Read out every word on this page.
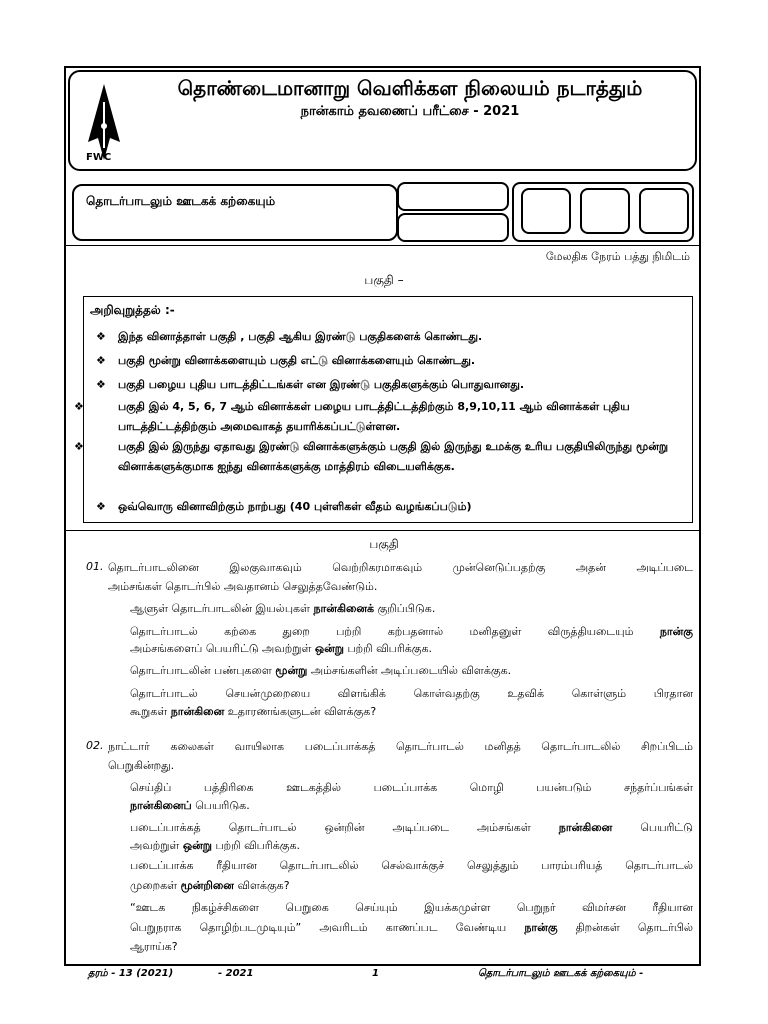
FWC
தொண்டைமானாறு வெளிக்கள நிலையம் நடாத்தும்
நான்காம் தவணைப் பரீட்சை - 2021
தொடர்பாடலும் ஊடகக் கற்கையும்
மேலதிக நேரம் பத்து நிமிடம்
பகுதி –
அறிவுறுத்தல் :-
❖ இந்த வினாத்தாள் பகுதி , பகுதி ஆகிய இரண்டு பகுதிகளைக் கொண்டது.
❖ பகுதி மூன்று வினாக்களையும் பகுதி எட்டு வினாக்களையும் கொண்டது.
❖ பகுதி பழைய புதிய பாடத்திட்டங்கள் என இரண்டு பகுதிகளுக்கும் பொதுவானது.
❖	பகுதி இல் 4, 5, 6, 7 ஆம் வினாக்கள் பழைய பாடத்திட்டத்திற்கும் 8,9,10,11 ஆம் வினாக்கள் புதிய பாடத்திட்டத்திற்கும் அமைவாகத் தயாரிக்கப்பட்டுள்ளன.
❖	பகுதி இல் இருந்து ஏதாவது இரண்டு வினாக்களுக்கும் பகுதி இல் இருந்து உமக்கு உரிய பகுதியிலிருந்து மூன்று வினாக்களுக்குமாக ஐந்து வினாக்களுக்கு மாத்திரம் விடையளிக்குக.
❖ ஒவ்வொரு வினாவிற்கும் நாற்பது (40 புள்ளிகள் வீதம் வழங்கப்படும்)
பகுதி
01. தொடர்பாடலினை இலகுவாகவும் வெற்றிகரமாகவும் முன்னெடுப்பதற்கு அதன் அடிப்படை
அம்சங்கள் தொடர்பில் அவதானம் செலுத்தவேண்டும்.
ஆளுள் தொடர்பாடலின் இயல்புகள் நான்கினைக் குறிப்பிடுக.
தொடர்பாடல் கற்கை துறை பற்றி கற்பதனால் மனிதனுள் விருத்தியடையும் நான்கு
அம்சங்களைப் பெயரிட்டு அவற்றுள் ஒன்று பற்றி விபரிக்குக.
தொடர்பாடலின் பண்புகளை மூன்று அம்சங்களின் அடிப்படையில் விளக்குக.
தொடர்பாடல் செயன்முறையை விளங்கிக் கொள்வதற்கு உதவிக் கொள்ளும் பிரதான
கூறுகள் நான்கினை உதாரணங்களுடன் விளக்குக?
02. நாட்டார் கலைகள் வாயிலாக படைப்பாக்கத் தொடர்பாடல் மனிதத் தொடர்பாடலில் சிறப்பிடம்
பெறுகின்றது.
செய்திப் பத்திரிகை ஊடகத்தில் படைப்பாக்க மொழி பயன்படும் சந்தர்ப்பங்கள்
நான்கினைப் பெயரிடுக.
படைப்பாக்கத் தொடர்பாடல் ஒன்றின் அடிப்படை அம்சங்கள் நான்கினை பெயரிட்டு
அவற்றுள் ஒன்று பற்றி விபரிக்குக.
படைப்பாக்க ரீதியான தொடர்பாடலில் செல்வாக்குச் செலுத்தும் பாரம்பரியத் தொடர்பாடல்
முறைகள் மூன்றினை விளக்குக?
“ஊடக நிகழ்ச்சிகளை பெறுகை செய்யும் இயக்கமுள்ள பெறுநர் விமர்சன ரீதியான
பெறுநராக தொழிற்படமுடியும்” அவரிடம் காணப்பட வேண்டிய நான்கு திறன்கள் தொடர்பில்
ஆராய்க?
தரம் - 13 (2021)	- 2021	1	தொடர்பாடலும் ஊடகக் கற்கையும் -
